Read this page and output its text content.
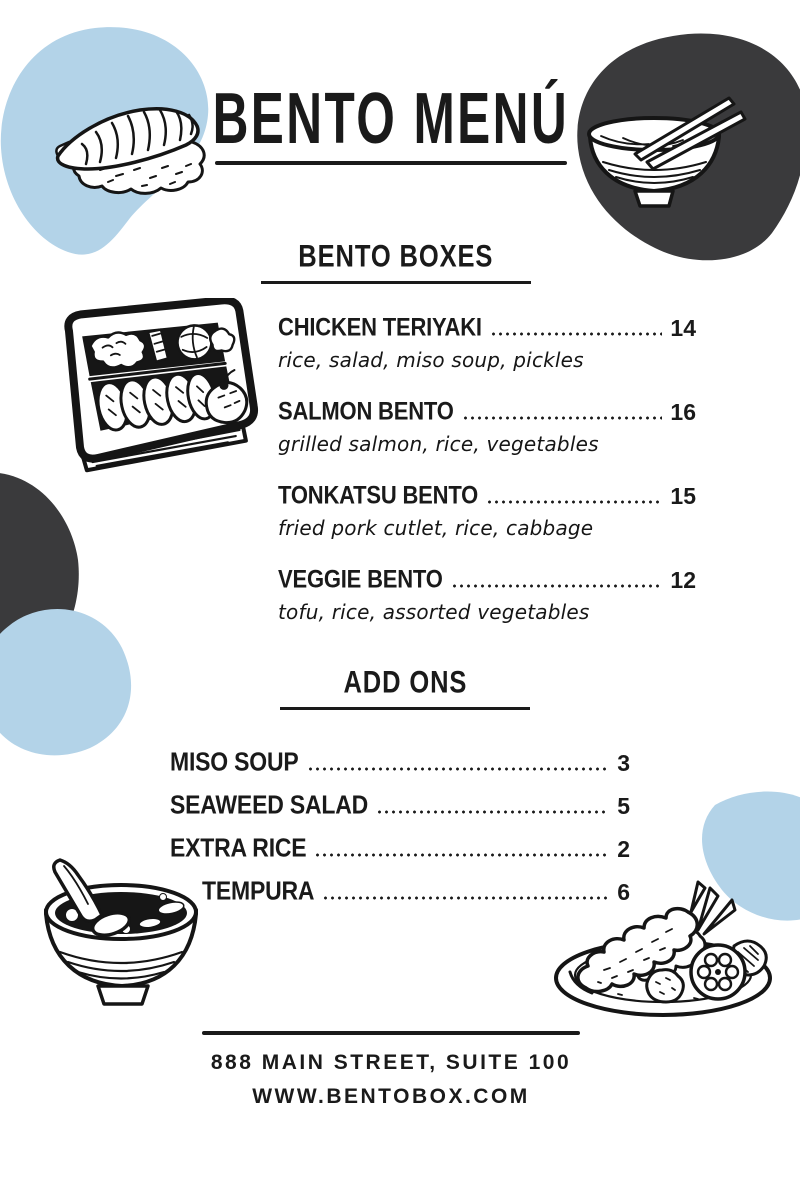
BENTO MENÚ
BENTO BOXES
CHICKEN TERIYAKI	14
rice, salad, miso soup, pickles
SALMON BENTO	16
grilled salmon, rice, vegetables
TONKATSU BENTO	15
fried pork cutlet, rice, cabbage
VEGGIE BENTO	12
tofu, rice, assorted vegetables
ADD ONS
MISO SOUP	3
SEAWEED SALAD	5
EXTRA RICE	2
TEMPURA	6
888 MAIN STREET, SUITE 100
WWW.BENTOBOX.COM
